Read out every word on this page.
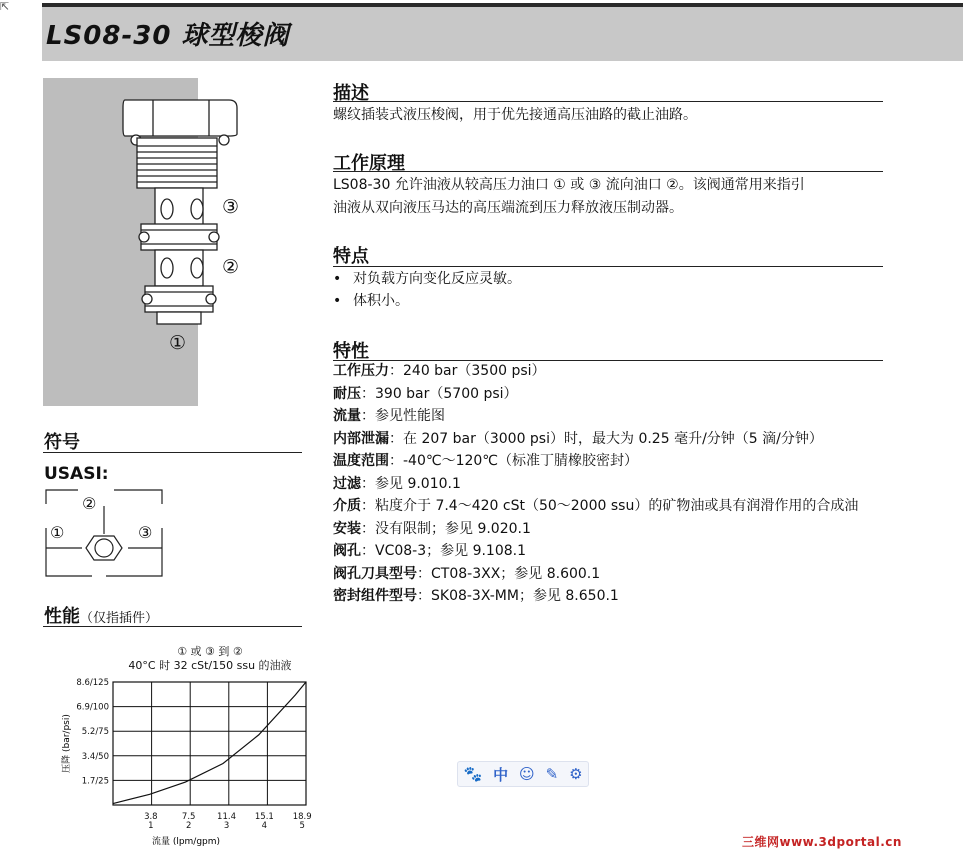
⇱
LS08-30 球型梭阀
③
②
①
符号
USASI:
②
①	③
性能（仅指插件）
① 或 ③ 到 ②
40°C 时 32 cSt/150 ssu 的油液
1.7/25
3.4/50
5.2/75
6.9/100
8.6/125
3.8
1
7.5
2
11.4
3
15.1
4
18.9
5
流量 (lpm/gpm)
压降 (bar/psi)
描述
螺纹插装式液压梭阀，用于优先接通高压油路的截止油路。
工作原理
LS08-30 允许油液从较高压力油口 ① 或 ③ 流向油口 ②。该阀通常用来指引
油液从双向液压马达的高压端流到压力释放液压制动器。
特点
• 对负载方向变化反应灵敏。
• 体积小。
特性
工作压力：240 bar（3500 psi）
耐压：390 bar（5700 psi）
流量：参见性能图
内部泄漏：在 207 bar（3000 psi）时，最大为 0.25 毫升/分钟（5 滴/分钟）
温度范围：-40℃～120℃（标准丁腈橡胶密封）
过滤：参见 9.010.1
介质：粘度介于 7.4～420 cSt（50～2000 ssu）的矿物油或具有润滑作用的合成油
安装：没有限制；参见 9.020.1
阀孔：VC08-3；参见 9.108.1
阀孔刀具型号：CT08-3XX；参见 8.600.1
密封组件型号：SK08-3X-MM；参见 8.650.1
🐾 中 ☺ ✎ ⚙
三维网www.3dportal.cn
